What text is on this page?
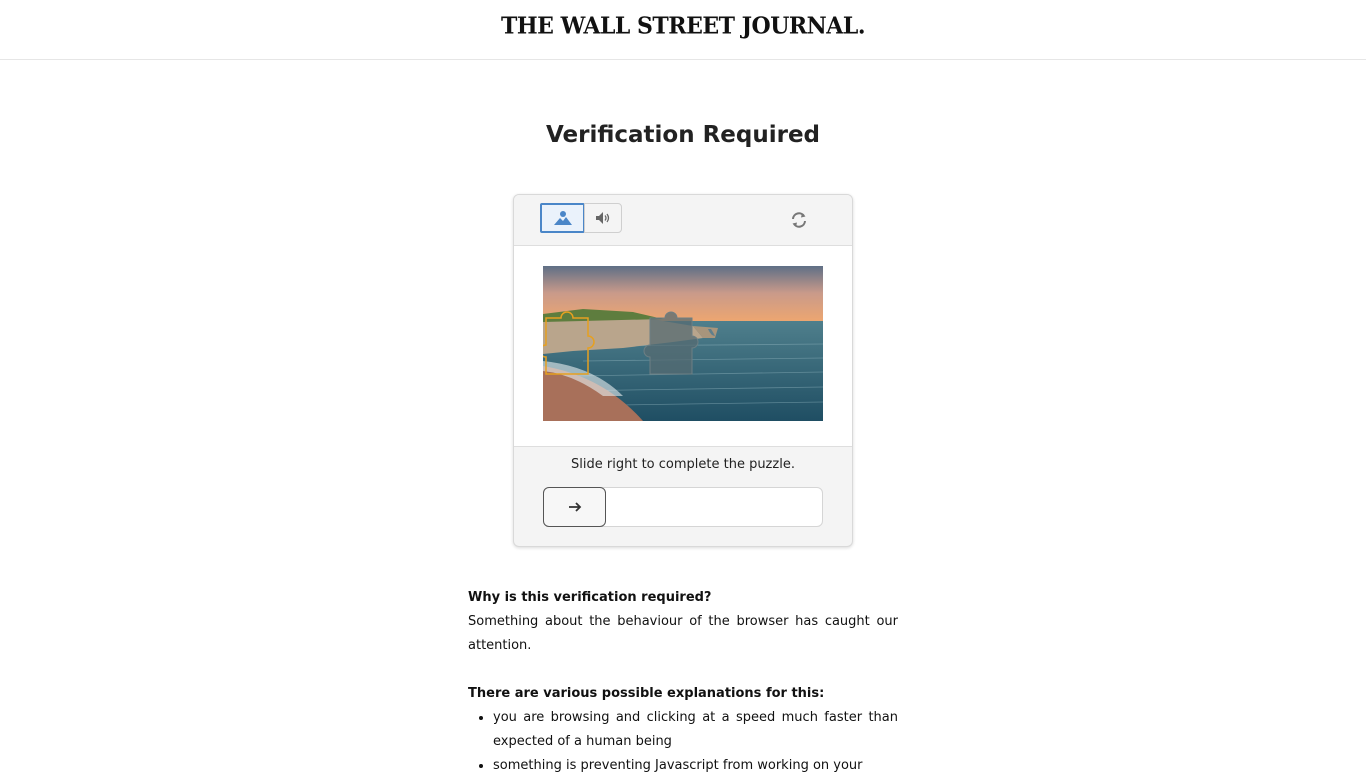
THE WALL STREET JOURNAL.
Verification Required
Slide right to complete the puzzle.

Why is this verification required?

Something about the behaviour of the browser has caught our attention.

There are various possible explanations for this:

• you are browsing and clicking at a speed much faster than expected of a human being
• something is preventing Javascript from working on your
